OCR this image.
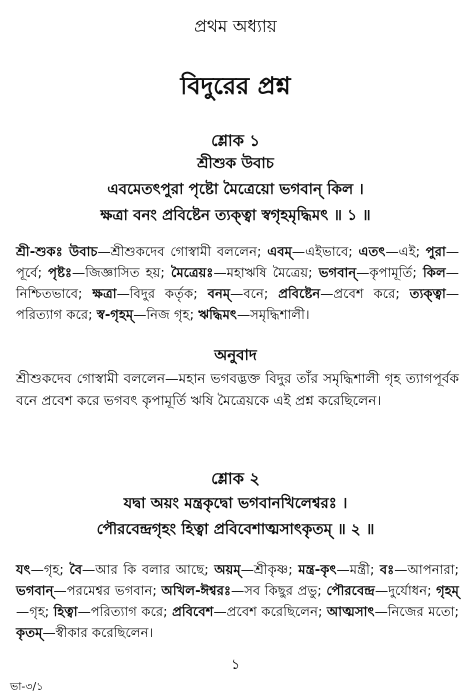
প্রথম অধ্যায়
বিদুরের প্রশ্ন
শ্লোক ১
শ্রীশুক উবাচ
এবমেতৎপুরা পৃষ্টো মৈত্রেয়ো ভগবান্ কিল ।
ক্ষত্রা বনং প্রবিষ্টেন ত্যক্ত্বা স্বগৃহমৃদ্ধিমৎ ॥ ১ ॥
শ্রী-শুকঃ উবাচ—শ্রীশুকদেব গোস্বামী বললেন; এবম্—এইভাবে; এতৎ—এই; পুরা—পূর্বে; পৃষ্টঃ—জিজ্ঞাসিত হয়; মৈত্রেয়ঃ—মহাঋষি মৈত্রেয়; ভগবান্—কৃপামূর্তি; কিল—নিশ্চিতভাবে; ক্ষত্রা—বিদুর কর্তৃক; বনম্—বনে; প্রবিষ্টেন—প্রবেশ করে; ত্যক্ত্বা—পরিত্যাগ করে; স্ব-গৃহম্—নিজ গৃহ; ঋদ্ধিমৎ—সমৃদ্ধিশালী।
অনুবাদ
শ্রীশুকদেব গোস্বামী বললেন—মহান ভগবদ্ভক্ত বিদুর তাঁর সমৃদ্ধিশালী গৃহ ত্যাগপূর্বক বনে প্রবেশ করে ভগবৎ কৃপামূর্তি ঋষি মৈত্রেয়কে এই প্রশ্ন করেছিলেন।
শ্লোক ২
যদ্বা অয়ং মন্ত্রকৃদ্বো ভগবানখিলেশ্বরঃ ।
পৌরবেন্দ্রগৃহং হিত্বা প্রবিবেশাত্মসাৎকৃতম্ ॥ ২ ॥
যৎ—গৃহ; বৈ—আর কি বলার আছে; অয়ম্—শ্রীকৃষ্ণ; মন্ত্র-কৃৎ—মন্ত্রী; বঃ—আপনারা; ভগবান্—পরমেশ্বর ভগবান; অখিল-ঈশ্বরঃ—সব কিছুর প্রভু; পৌরবেন্দ্র—দুর্যোধন; গৃহম্—গৃহ; হিত্বা—পরিত্যাগ করে; প্রবিবেশ—প্রবেশ করেছিলেন; আত্মসাৎ—নিজের মতো; কৃতম্—স্বীকার করেছিলেন।
১
ভা-৩/১
